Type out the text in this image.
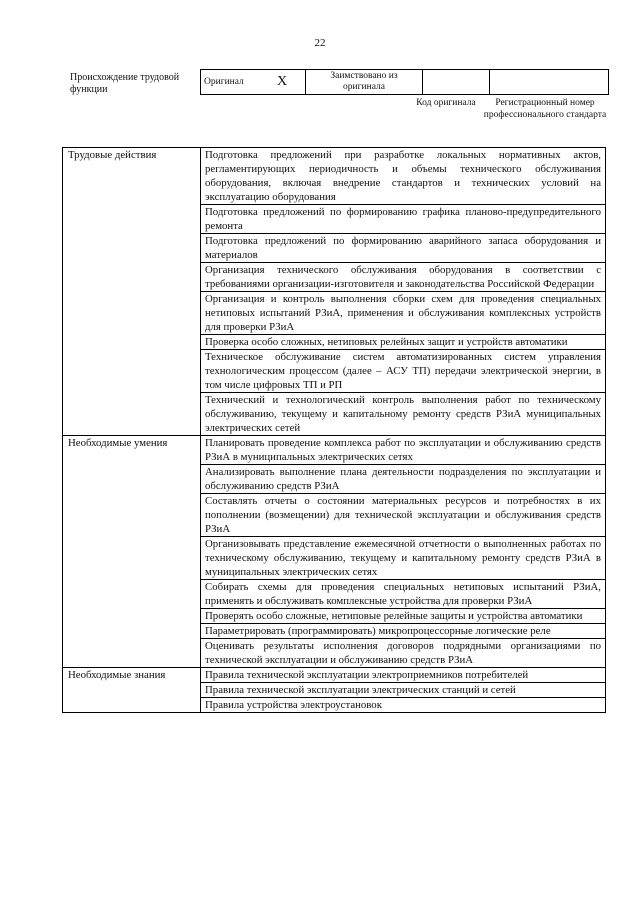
22
Происхождение трудовой функции
Оригинал	X	Заимствовано из оригинала		
Код оригинала	Регистрационный номер профессионального стандарта
Трудовые действия	Подготовка предложений при разработке локальных нормативных актов, регламентирующих периодичность и объемы технического обслуживания оборудования, включая внедрение стандартов и технических условий на эксплуатацию оборудования
	Подготовка предложений по формированию графика планово-предупредительного ремонта
	Подготовка предложений по формированию аварийного запаса оборудования и материалов
	Организация технического обслуживания оборудования в соответствии с требованиями организации-изготовителя и законодательства Российской Федерации
	Организация и контроль выполнения сборки схем для проведения специальных нетиповых испытаний РЗиА, применения и обслуживания комплексных устройств для проверки РЗиА
	Проверка особо сложных, нетиповых релейных защит и устройств автоматики
	Техническое обслуживание систем автоматизированных систем управления технологическим процессом (далее – АСУ ТП) передачи электрической энергии, в том числе цифровых ТП и РП
	Технический и технологический контроль выполнения работ по техническому обслуживанию, текущему и капитальному ремонту средств РЗиА муниципальных электрических сетей
Необходимые умения	Планировать проведение комплекса работ по эксплуатации и обслуживанию средств РЗиА в муниципальных электрических сетях
	Анализировать выполнение плана деятельности подразделения по эксплуатации и обслуживанию средств РЗиА
	Составлять отчеты о состоянии материальных ресурсов и потребностях в их пополнении (возмещении) для технической эксплуатации и обслуживания средств РЗиА
	Организовывать представление ежемесячной отчетности о выполненных работах по техническому обслуживанию, текущему и капитальному ремонту средств РЗиА в муниципальных электрических сетях
	Собирать схемы для проведения специальных нетиповых испытаний РЗиА, применять и обслуживать комплексные устройства для проверки РЗиА
	Проверять особо сложные, нетиповые релейные защиты и устройства автоматики
	Параметрировать (программировать) микропроцессорные логические реле
	Оценивать результаты исполнения договоров подрядными организациями по технической эксплуатации и обслуживанию средств РЗиА
Необходимые знания	Правила технической эксплуатации электроприемников потребителей
	Правила технической эксплуатации электрических станций и сетей
	Правила устройства электроустановок
